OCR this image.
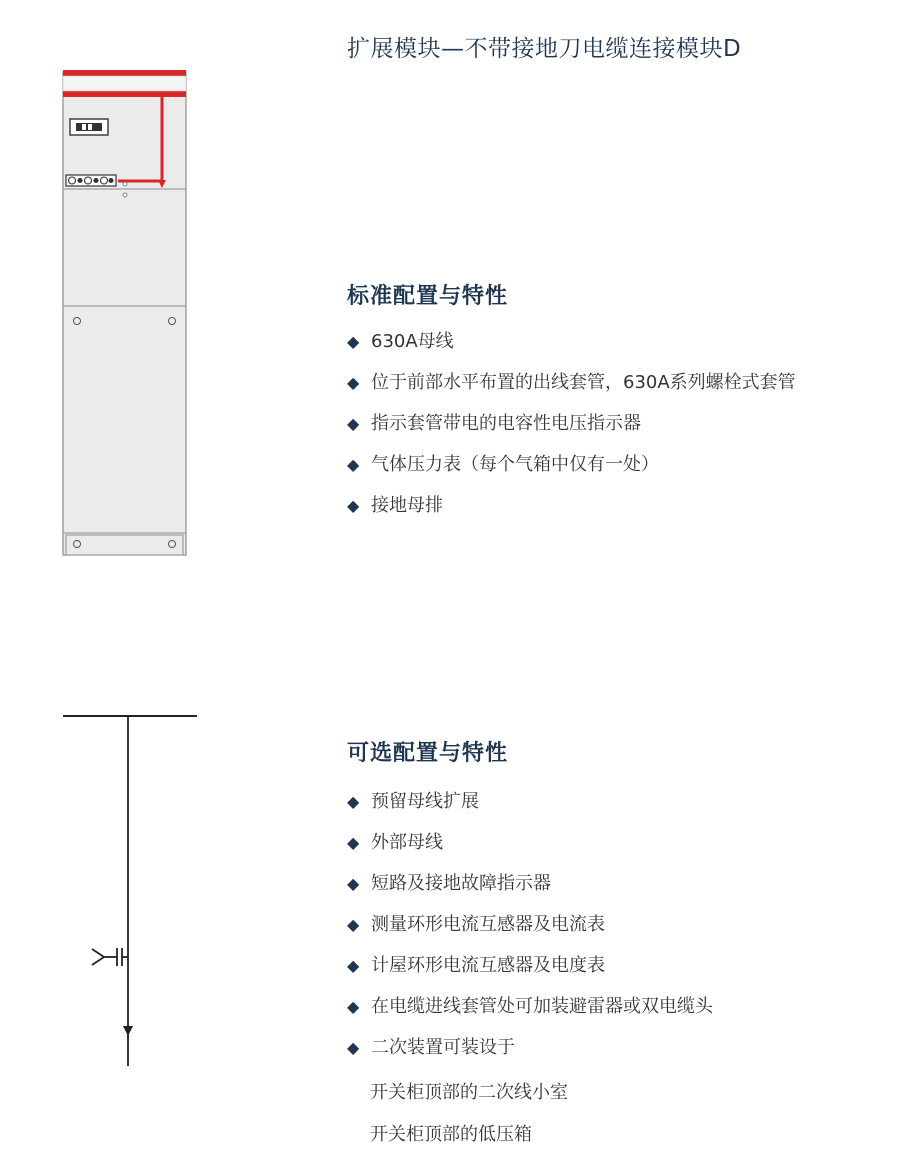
扩展模块—不带接地刀电缆连接模块D
标准配置与特性
◆ 630A母线
◆ 位于前部水平布置的出线套管，630A系列螺栓式套管
◆ 指示套管带电的电容性电压指示器
◆ 气体压力表（每个气箱中仅有一处）
◆ 接地母排
可选配置与特性
◆ 预留母线扩展
◆ 外部母线
◆ 短路及接地故障指示器
◆ 测量环形电流互感器及电流表
◆ 计屋环形电流互感器及电度表
◆ 在电缆进线套管处可加装避雷器或双电缆头
◆ 二次装置可装设于
开关柜顶部的二次线小室
开关柜顶部的低压箱
